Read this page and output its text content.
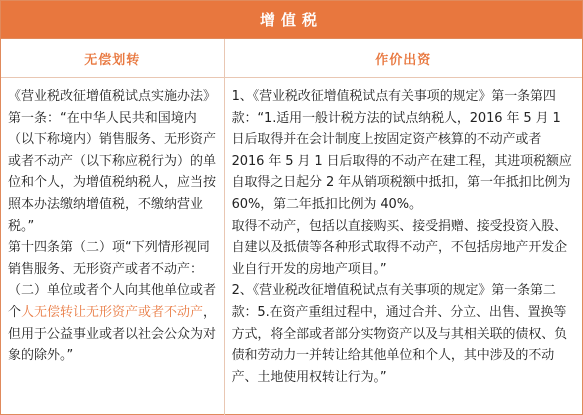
增值税
无偿划转	作价出资

《营业税改征增值税试点实施办法》第一条：“在中华人民共和国境内（以下称境内）销售服务、无形资产或者不动产（以下称应税行为）的单位和个人，为增值税纳税人，应当按照本办法缴纳增值税，不缴纳营业税。”

第十四条第（二）项“下列情形视同销售服务、无形资产或者不动产：（二）单位或者个人向其他单位或者个人无偿转让无形资产或者不动产，但用于公益事业或者以社会公众为对象的除外。”

1、《营业税改征增值税试点有关事项的规定》第一条第四款：“1.适用一般计税方法的试点纳税人，2016 年 5 月 1 日后取得并在会计制度上按固定资产核算的不动产或者 2016 年 5 月 1 日后取得的不动产在建工程，其进项税额应自取得之日起分 2 年从销项税额中抵扣，第一年抵扣比例为 60%，第二年抵扣比例为 40%。

取得不动产，包括以直接购买、接受捐赠、接受投资入股、自建以及抵债等各种形式取得不动产，不包括房地产开发企业自行开发的房地产项目。”

2、《营业税改征增值税试点有关事项的规定》第一条第二款：5.在资产重组过程中，通过合并、分立、出售、置换等方式，将全部或者部分实物资产以及与其相关联的债权、负债和劳动力一并转让给其他单位和个人，其中涉及的不动产、土地使用权转让行为。”
